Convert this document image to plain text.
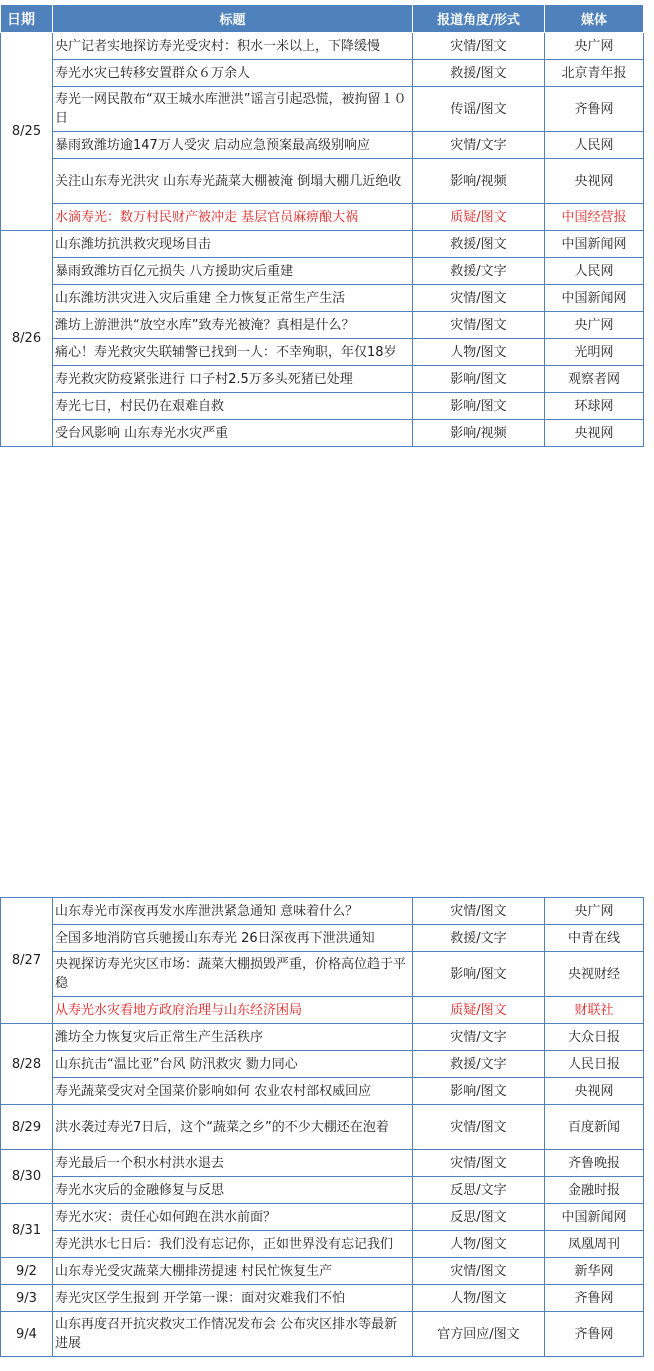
日期	标题	报道角度/形式	媒体
8/25	央广记者实地探访寿光受灾村：积水一米以上，下降缓慢	灾情/图文	央广网
	寿光水灾已转移安置群众６万余人	救援/图文	北京青年报
	寿光一网民散布“双王城水库泄洪”谣言引起恐慌，被拘留１０日	传谣/图文	齐鲁网
	暴雨致潍坊逾147万人受灾 启动应急预案最高级别响应	灾情/文字	人民网
	关注山东寿光洪灾 山东寿光蔬菜大棚被淹 倒塌大棚几近绝收	影响/视频	央视网
	水滴寿光：数万村民财产被冲走 基层官员麻痹酿大祸	质疑/图文	中国经营报
8/26	山东潍坊抗洪救灾现场目击	救援/图文	中国新闻网
	暴雨致潍坊百亿元损失 八方援助灾后重建	救援/文字	人民网
	山东潍坊洪灾进入灾后重建 全力恢复正常生产生活	灾情/图文	中国新闻网
	潍坊上游泄洪“放空水库”致寿光被淹？真相是什么？	灾情/图文	央广网
	痛心！寿光救灾失联辅警已找到一人：不幸殉职，年仅18岁	人物/图文	光明网
	寿光救灾防疫紧张进行 口子村2.5万多头死猪已处理	影响/图文	观察者网
	寿光七日，村民仍在艰难自救	影响/图文	环球网
	受台风影响 山东寿光水灾严重	影响/视频	央视网
8/27	山东寿光市深夜再发水库泄洪紧急通知 意味着什么？	灾情/图文	央广网
	全国多地消防官兵驰援山东寿光 26日深夜再下泄洪通知	救援/文字	中青在线
	央视探访寿光灾区市场：蔬菜大棚损毁严重，价格高位趋于平稳	影响/图文	央视财经
	从寿光水灾看地方政府治理与山东经济困局	质疑/图文	财联社
8/28	潍坊全力恢复灾后正常生产生活秩序	灾情/文字	大众日报
	山东抗击“温比亚”台风 防汛救灾 勠力同心	救援/文字	人民日报
	寿光蔬菜受灾对全国菜价影响如何 农业农村部权威回应	影响/图文	央视网
8/29	洪水袭过寿光7日后，这个“蔬菜之乡”的不少大棚还在泡着	灾情/图文	百度新闻
8/30	寿光最后一个积水村洪水退去	灾情/图文	齐鲁晚报
	寿光水灾后的金融修复与反思	反思/文字	金融时报
8/31	寿光水灾：责任心如何跑在洪水前面？	反思/图文	中国新闻网
	寿光洪水七日后：我们没有忘记你，正如世界没有忘记我们	人物/图文	凤凰周刊
9/2	山东寿光受灾蔬菜大棚排涝提速 村民忙恢复生产	灾情/图文	新华网
9/3	寿光灾区学生报到 开学第一课：面对灾难我们不怕	人物/图文	齐鲁网
9/4	山东再度召开抗灾救灾工作情况发布会 公布灾区排水等最新进展	官方回应/图文	齐鲁网
